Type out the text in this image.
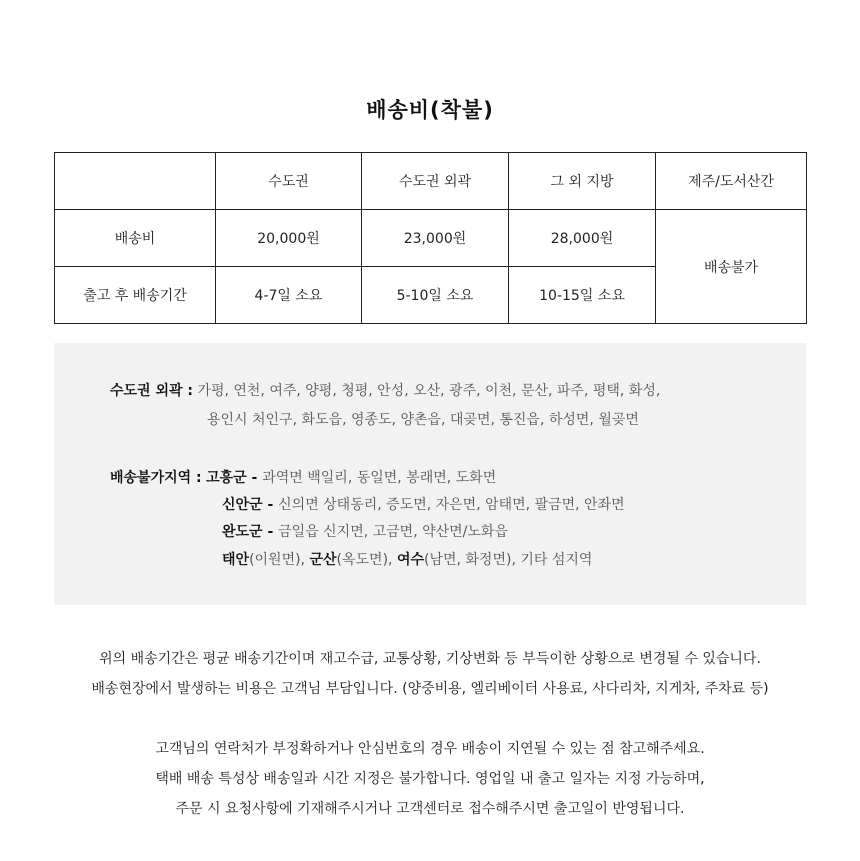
배송비(착불)
	수도권	수도권 외곽	그 외 지방	제주/도서산간
배송비	20,000원	23,000원	28,000원	배송불가
출고 후 배송기간	4-7일 소요	5-10일 소요	10-15일 소요	
수도권 외곽 : 가평, 연천, 여주, 양평, 청평, 안성, 오산, 광주, 이천, 문산, 파주, 평택, 화성,
용인시 처인구, 화도읍, 영종도, 양촌읍, 대곶면, 통진읍, 하성면, 월곶면
배송불가지역 : 고흥군 - 과역면 백일리, 동일면, 봉래면, 도화면
신안군 - 신의면 상태동리, 증도면, 자은면, 암태면, 팔금면, 안좌면
완도군 - 금일읍 신지면, 고금면, 약산면/노화읍
태안(이원면), 군산(옥도면), 여수(남면, 화정면), 기타 섬지역

위의 배송기간은 평균 배송기간이며 재고수급, 교통상황, 기상변화 등 부득이한 상황으로 변경될 수 있습니다.

배송현장에서 발생하는 비용은 고객님 부담입니다. (양중비용, 엘리베이터 사용료, 사다리차, 지게차, 주차료 등)

고객님의 연락처가 부정확하거나 안심번호의 경우 배송이 지연될 수 있는 점 참고해주세요.

택배 배송 특성상 배송일과 시간 지정은 불가합니다. 영업일 내 출고 일자는 지정 가능하며,

주문 시 요청사항에 기재해주시거나 고객센터로 접수해주시면 출고일이 반영됩니다.
